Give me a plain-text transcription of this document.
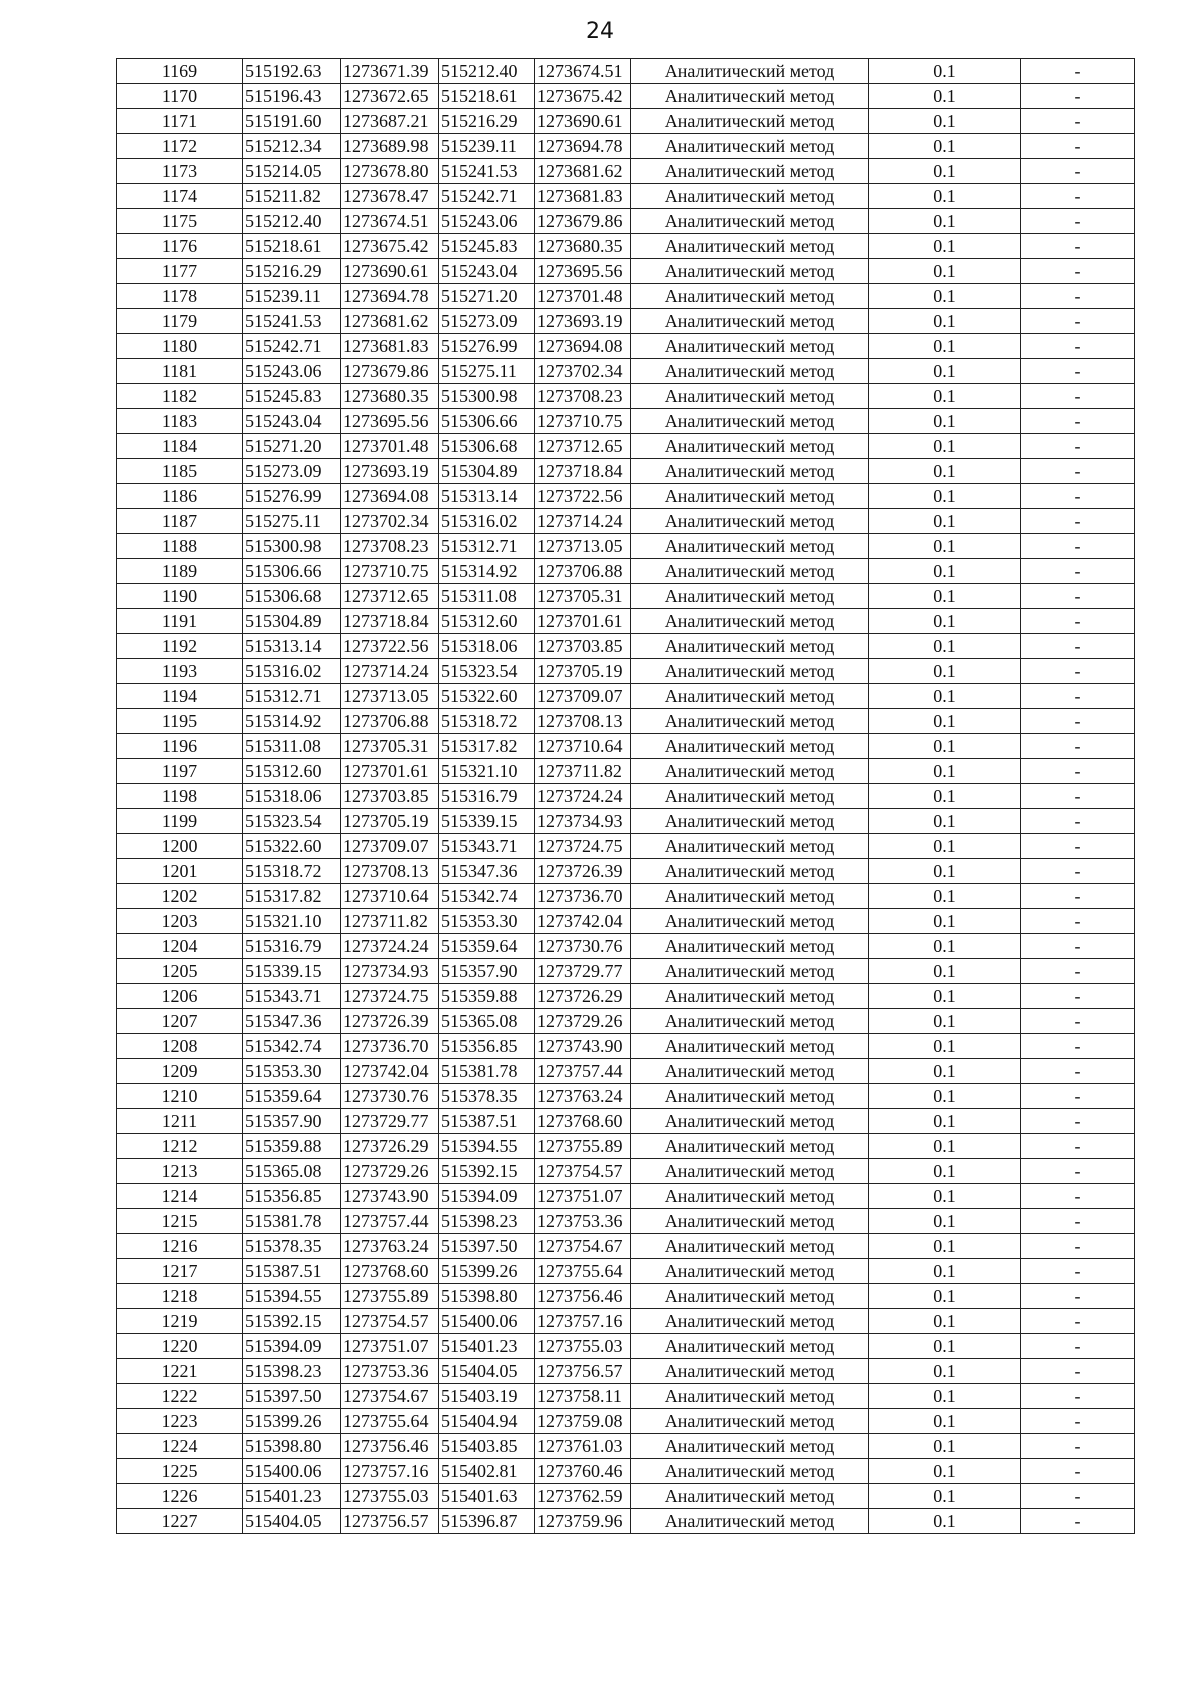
24
1169	515192.63	1273671.39	515212.40	1273674.51	Аналитический метод	0.1	-
1170	515196.43	1273672.65	515218.61	1273675.42	Аналитический метод	0.1	-
1171	515191.60	1273687.21	515216.29	1273690.61	Аналитический метод	0.1	-
1172	515212.34	1273689.98	515239.11	1273694.78	Аналитический метод	0.1	-
1173	515214.05	1273678.80	515241.53	1273681.62	Аналитический метод	0.1	-
1174	515211.82	1273678.47	515242.71	1273681.83	Аналитический метод	0.1	-
1175	515212.40	1273674.51	515243.06	1273679.86	Аналитический метод	0.1	-
1176	515218.61	1273675.42	515245.83	1273680.35	Аналитический метод	0.1	-
1177	515216.29	1273690.61	515243.04	1273695.56	Аналитический метод	0.1	-
1178	515239.11	1273694.78	515271.20	1273701.48	Аналитический метод	0.1	-
1179	515241.53	1273681.62	515273.09	1273693.19	Аналитический метод	0.1	-
1180	515242.71	1273681.83	515276.99	1273694.08	Аналитический метод	0.1	-
1181	515243.06	1273679.86	515275.11	1273702.34	Аналитический метод	0.1	-
1182	515245.83	1273680.35	515300.98	1273708.23	Аналитический метод	0.1	-
1183	515243.04	1273695.56	515306.66	1273710.75	Аналитический метод	0.1	-
1184	515271.20	1273701.48	515306.68	1273712.65	Аналитический метод	0.1	-
1185	515273.09	1273693.19	515304.89	1273718.84	Аналитический метод	0.1	-
1186	515276.99	1273694.08	515313.14	1273722.56	Аналитический метод	0.1	-
1187	515275.11	1273702.34	515316.02	1273714.24	Аналитический метод	0.1	-
1188	515300.98	1273708.23	515312.71	1273713.05	Аналитический метод	0.1	-
1189	515306.66	1273710.75	515314.92	1273706.88	Аналитический метод	0.1	-
1190	515306.68	1273712.65	515311.08	1273705.31	Аналитический метод	0.1	-
1191	515304.89	1273718.84	515312.60	1273701.61	Аналитический метод	0.1	-
1192	515313.14	1273722.56	515318.06	1273703.85	Аналитический метод	0.1	-
1193	515316.02	1273714.24	515323.54	1273705.19	Аналитический метод	0.1	-
1194	515312.71	1273713.05	515322.60	1273709.07	Аналитический метод	0.1	-
1195	515314.92	1273706.88	515318.72	1273708.13	Аналитический метод	0.1	-
1196	515311.08	1273705.31	515317.82	1273710.64	Аналитический метод	0.1	-
1197	515312.60	1273701.61	515321.10	1273711.82	Аналитический метод	0.1	-
1198	515318.06	1273703.85	515316.79	1273724.24	Аналитический метод	0.1	-
1199	515323.54	1273705.19	515339.15	1273734.93	Аналитический метод	0.1	-
1200	515322.60	1273709.07	515343.71	1273724.75	Аналитический метод	0.1	-
1201	515318.72	1273708.13	515347.36	1273726.39	Аналитический метод	0.1	-
1202	515317.82	1273710.64	515342.74	1273736.70	Аналитический метод	0.1	-
1203	515321.10	1273711.82	515353.30	1273742.04	Аналитический метод	0.1	-
1204	515316.79	1273724.24	515359.64	1273730.76	Аналитический метод	0.1	-
1205	515339.15	1273734.93	515357.90	1273729.77	Аналитический метод	0.1	-
1206	515343.71	1273724.75	515359.88	1273726.29	Аналитический метод	0.1	-
1207	515347.36	1273726.39	515365.08	1273729.26	Аналитический метод	0.1	-
1208	515342.74	1273736.70	515356.85	1273743.90	Аналитический метод	0.1	-
1209	515353.30	1273742.04	515381.78	1273757.44	Аналитический метод	0.1	-
1210	515359.64	1273730.76	515378.35	1273763.24	Аналитический метод	0.1	-
1211	515357.90	1273729.77	515387.51	1273768.60	Аналитический метод	0.1	-
1212	515359.88	1273726.29	515394.55	1273755.89	Аналитический метод	0.1	-
1213	515365.08	1273729.26	515392.15	1273754.57	Аналитический метод	0.1	-
1214	515356.85	1273743.90	515394.09	1273751.07	Аналитический метод	0.1	-
1215	515381.78	1273757.44	515398.23	1273753.36	Аналитический метод	0.1	-
1216	515378.35	1273763.24	515397.50	1273754.67	Аналитический метод	0.1	-
1217	515387.51	1273768.60	515399.26	1273755.64	Аналитический метод	0.1	-
1218	515394.55	1273755.89	515398.80	1273756.46	Аналитический метод	0.1	-
1219	515392.15	1273754.57	515400.06	1273757.16	Аналитический метод	0.1	-
1220	515394.09	1273751.07	515401.23	1273755.03	Аналитический метод	0.1	-
1221	515398.23	1273753.36	515404.05	1273756.57	Аналитический метод	0.1	-
1222	515397.50	1273754.67	515403.19	1273758.11	Аналитический метод	0.1	-
1223	515399.26	1273755.64	515404.94	1273759.08	Аналитический метод	0.1	-
1224	515398.80	1273756.46	515403.85	1273761.03	Аналитический метод	0.1	-
1225	515400.06	1273757.16	515402.81	1273760.46	Аналитический метод	0.1	-
1226	515401.23	1273755.03	515401.63	1273762.59	Аналитический метод	0.1	-
1227	515404.05	1273756.57	515396.87	1273759.96	Аналитический метод	0.1	-
